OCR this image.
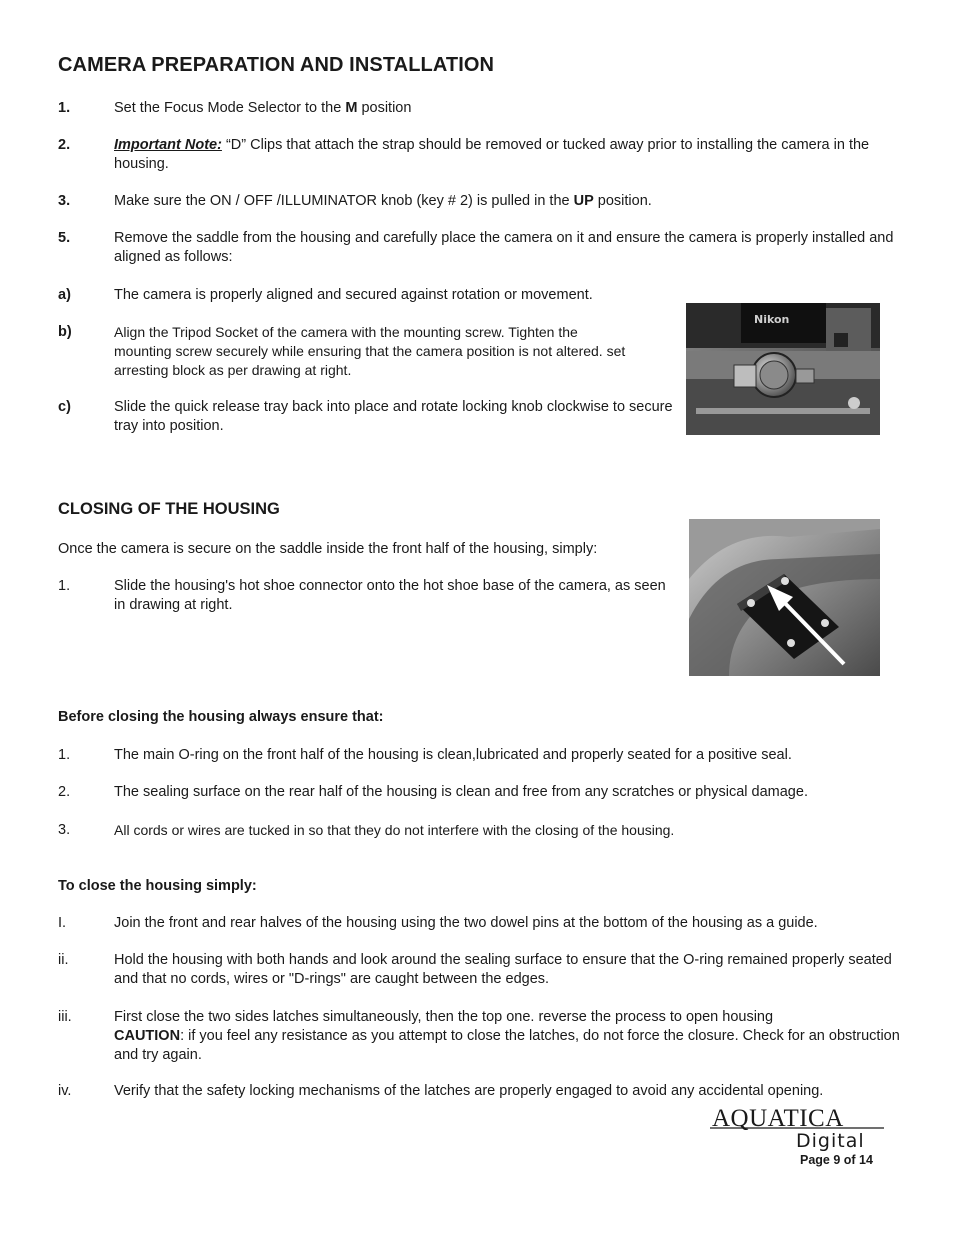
CAMERA PREPARATION AND INSTALLATION
1.	Set the Focus Mode Selector to the M position
2.	Important Note: “D” Clips that attach the strap should be removed or tucked away prior to installing the camera in the housing.
3.	Make sure the ON / OFF /ILLUMINATOR knob (key # 2) is pulled in the UP position.
5.	Remove the saddle from the housing and carefully place the camera on it and ensure the camera is properly installed and aligned as follows:
a)	The camera is properly aligned and secured against rotation or movement.
b)	Align the Tripod Socket of the camera with the mounting screw. Tighten the mounting screw securely while ensuring that the camera position is not altered. set arresting block as per drawing at right.
c)	Slide the quick release tray back into place and rotate locking knob clockwise to secure tray into position.
Nikon
CLOSING OF THE HOUSING
Once the camera is secure on the saddle inside the front half of the housing, simply:
1.	Slide the housing's hot shoe connector onto the hot shoe base of the camera, as seen in drawing at right.
Before closing the housing always ensure that:
1.	The main O-ring on the front half of the housing is clean,lubricated and properly seated for a positive seal.
2.	The sealing surface on the rear half of the housing is clean and free from any scratches or physical damage.
3.	All cords or wires are tucked in so that they do not interfere with the closing of the housing.
To close the housing simply:
I.	Join the front and rear halves of the housing using the two dowel pins at the bottom of the housing as a guide.
ii.	Hold the housing with both hands and look around the sealing surface to ensure that the O-ring remained properly seated and that no cords, wires or "D-rings" are caught between the edges.
iii.	First close the two sides latches simultaneously, then the top one. reverse the process to open housing
CAUTION: if you feel any resistance as you attempt to close the latches, do not force the closure. Check for an obstruction and try again.
iv.	Verify that the safety locking mechanisms of the latches are properly engaged to avoid any accidental opening.
AQUATICA
Digital
Page 9 of 14
